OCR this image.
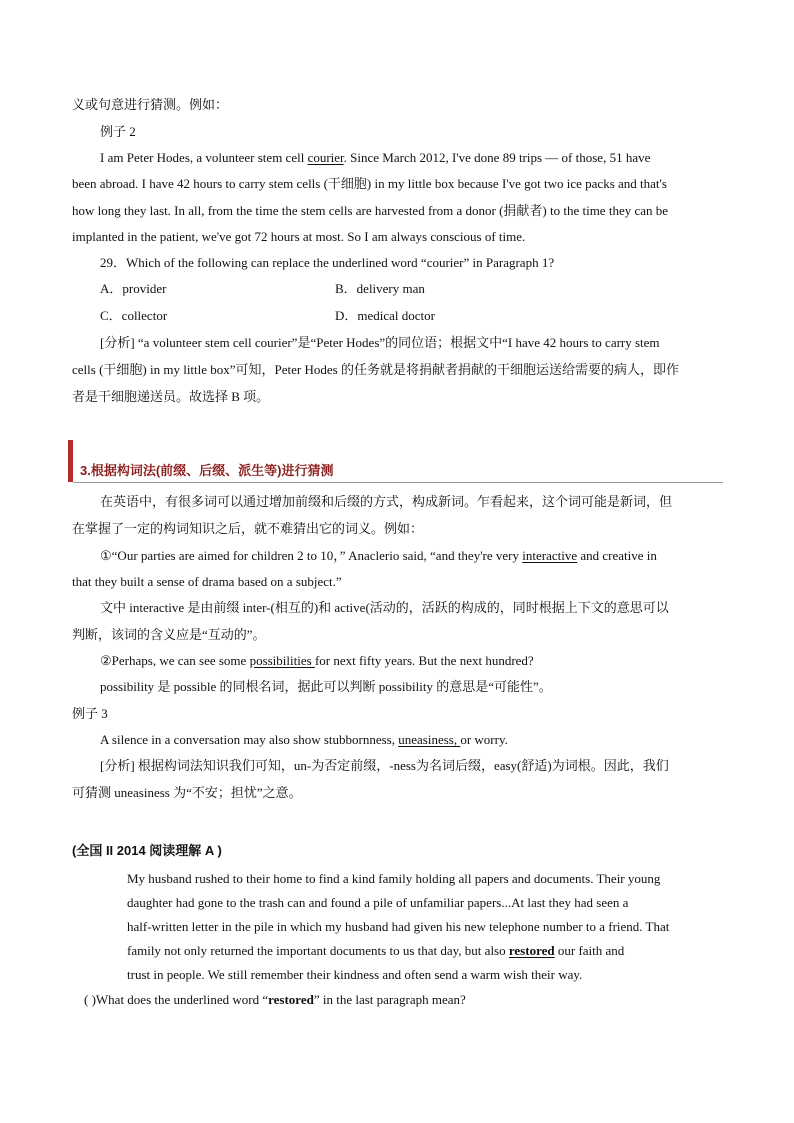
义或句意进行猜测。例如：
例子 2
I am Peter Hodes, a volunteer stem cell courier. Since March 2012, I've done 89 trips — of those, 51 have
been abroad. I have 42 hours to carry stem cells (干细胞) in my little box because I've got two ice packs and that's
how long they last. In all, from the time the stem cells are harvested from a donor (捐献者) to the time they can be
implanted in the patient, we've got 72 hours at most. So I am always conscious of time.
29．Which of the following can replace the underlined word “courier” in Paragraph 1?
A．provider	B．delivery man
C．collector	D．medical doctor
[分析] “a volunteer stem cell courier”是“Peter Hodes”的同位语；根据文中“I have 42 hours to carry stem
cells (干细胞) in my little box”可知，Peter Hodes 的任务就是将捐献者捐献的干细胞运送给需要的病人，即作
者是干细胞递送员。故选择 B 项。
3.根据构词法(前缀、后缀、派生等)进行猜测
在英语中，有很多词可以通过增加前缀和后缀的方式，构成新词。乍看起来，这个词可能是新词，但
在掌握了一定的构词知识之后，就不难猜出它的词义。例如：
①“Our parties are aimed for children 2 to 10，” Anaclerio said, “and they're very interactive and creative in
that they built a sense of drama based on a subject.”
文中 interactive 是由前缀 inter-(相互的)和 active(活动的，活跃的构成的，同时根据上下文的意思可以
判断，该词的含义应是“互动的”。
②Perhaps, we can see some possibilities for next fifty years. But the next hundred?
possibility 是 possible 的同根名词，据此可以判断 possibility 的意思是“可能性”。
例子 3
A silence in a conversation may also show stubbornness, uneasiness, or worry.
[分析] 根据构词法知识我们可知，un-为否定前缀，-ness为名词后缀，easy(舒适)为词根。因此，我们
可猜测 uneasiness 为“不安；担忧”之意。
(全国 II 2014 阅读理解 A )
My husband rushed to their home to find a kind family holding all papers and documents. Their young
daughter had gone to the trash can and found a pile of unfamiliar papers...At last they had seen a
half-written letter in the pile in which my husband had given his new telephone number to a friend. That
family not only returned the important documents to us that day, but also restored our faith and
trust in people. We still remember their kindness and often send a warm wish their way.
( )What does the underlined word “restored” in the last paragraph mean?
